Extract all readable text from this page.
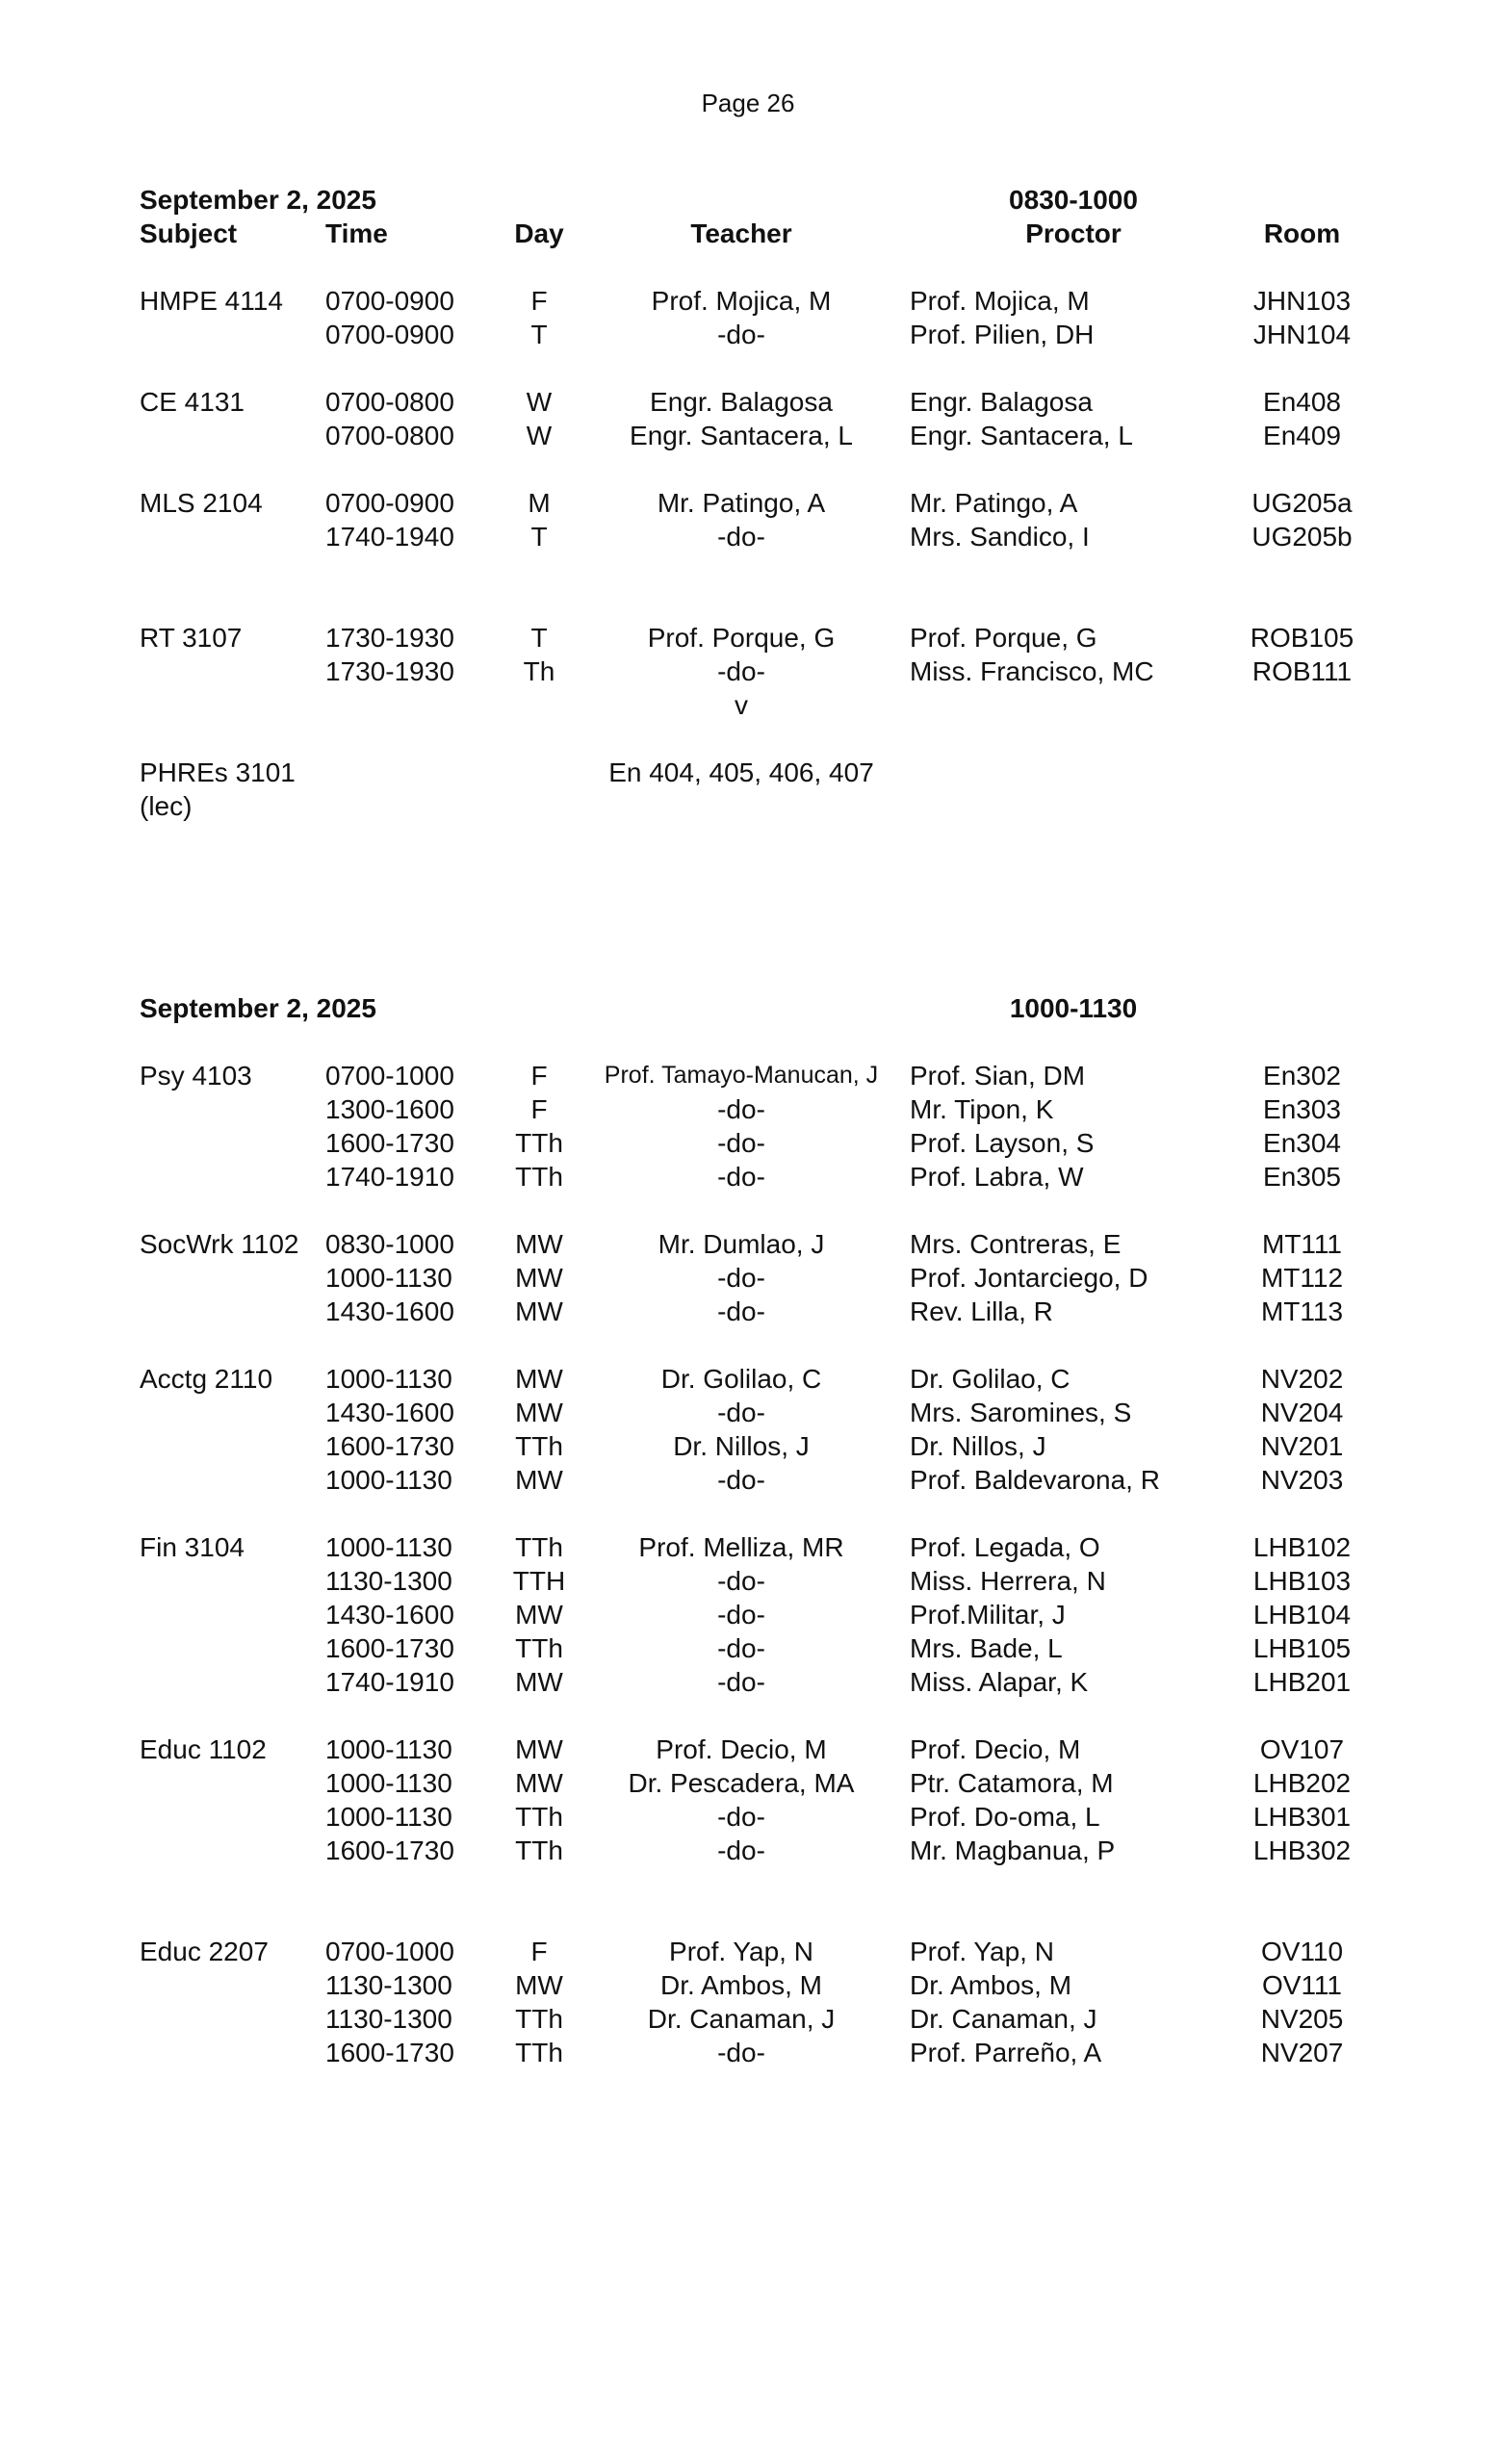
Page 26
September 2, 2025	0830-1000
Subject	Time	Day	Teacher	Proctor	Room
HMPE 4114 0700-0900	F	Prof. Mojica, M	Prof. Mojica, M	JHN103
0700-0900	T	-do-	Prof. Pilien, DH	JHN104
CE 4131	0700-0800	W	Engr. Balagosa	Engr. Balagosa	En408
0700-0800	W	Engr. Santacera, L	Engr. Santacera, L	En409
MLS 2104 0700-0900	M	Mr. Patingo, A	Mr. Patingo, A	UG205a
1740-1940	T	-do-	Mrs. Sandico, I	UG205b
RT 3107	1730-1930	T	Prof. Porque, G	Prof. Porque, G	ROB105
1730-1930	Th	-do-	Miss. Francisco, MC	ROB111
v
PHREs 3101	En 404, 405, 406, 407
(lec)
September 2, 2025	1000-1130
Psy 4103	0700-1000	F	Prof. Tamayo-Manucan, J	Prof. Sian, DM	En302
1300-1600	F	-do-	Mr. Tipon, K	En303
1600-1730	TTh	-do-	Prof. Layson, S	En304
1740-1910	TTh	-do-	Prof. Labra, W	En305
SocWrk 1102 0830-1000	MW	Mr. Dumlao, J	Mrs. Contreras, E	MT111
1000-1130	MW	-do-	Prof. Jontarciego, D	MT112
1430-1600	MW	-do-	Rev. Lilla, R	MT113
Acctg 2110 1000-1130	MW	Dr. Golilao, C	Dr. Golilao, C	NV202
1430-1600	MW	-do-	Mrs. Saromines, S	NV204
1600-1730	TTh	Dr. Nillos, J	Dr. Nillos, J	NV201
1000-1130	MW	-do-	Prof. Baldevarona, R	NV203
Fin 3104	1000-1130	TTh	Prof. Melliza, MR	Prof. Legada, O	LHB102
1130-1300	TTH	-do-	Miss. Herrera, N	LHB103
1430-1600	MW	-do-	Prof.Militar, J	LHB104
1600-1730	TTh	-do-	Mrs. Bade, L	LHB105
1740-1910	MW	-do-	Miss. Alapar, K	LHB201
Educ 1102 1000-1130	MW	Prof. Decio, M	Prof. Decio, M	OV107
1000-1130	MW	Dr. Pescadera, MA	Ptr. Catamora, M	LHB202
1000-1130	TTh	-do-	Prof. Do-oma, L	LHB301
1600-1730	TTh	-do-	Mr. Magbanua, P	LHB302
Educ 2207 0700-1000	F	Prof. Yap, N	Prof. Yap, N	OV110
1130-1300	MW	Dr. Ambos, M	Dr. Ambos, M	OV111
1130-1300	TTh	Dr. Canaman, J	Dr. Canaman, J	NV205
1600-1730	TTh	-do-	Prof. Parreño, A	NV207
